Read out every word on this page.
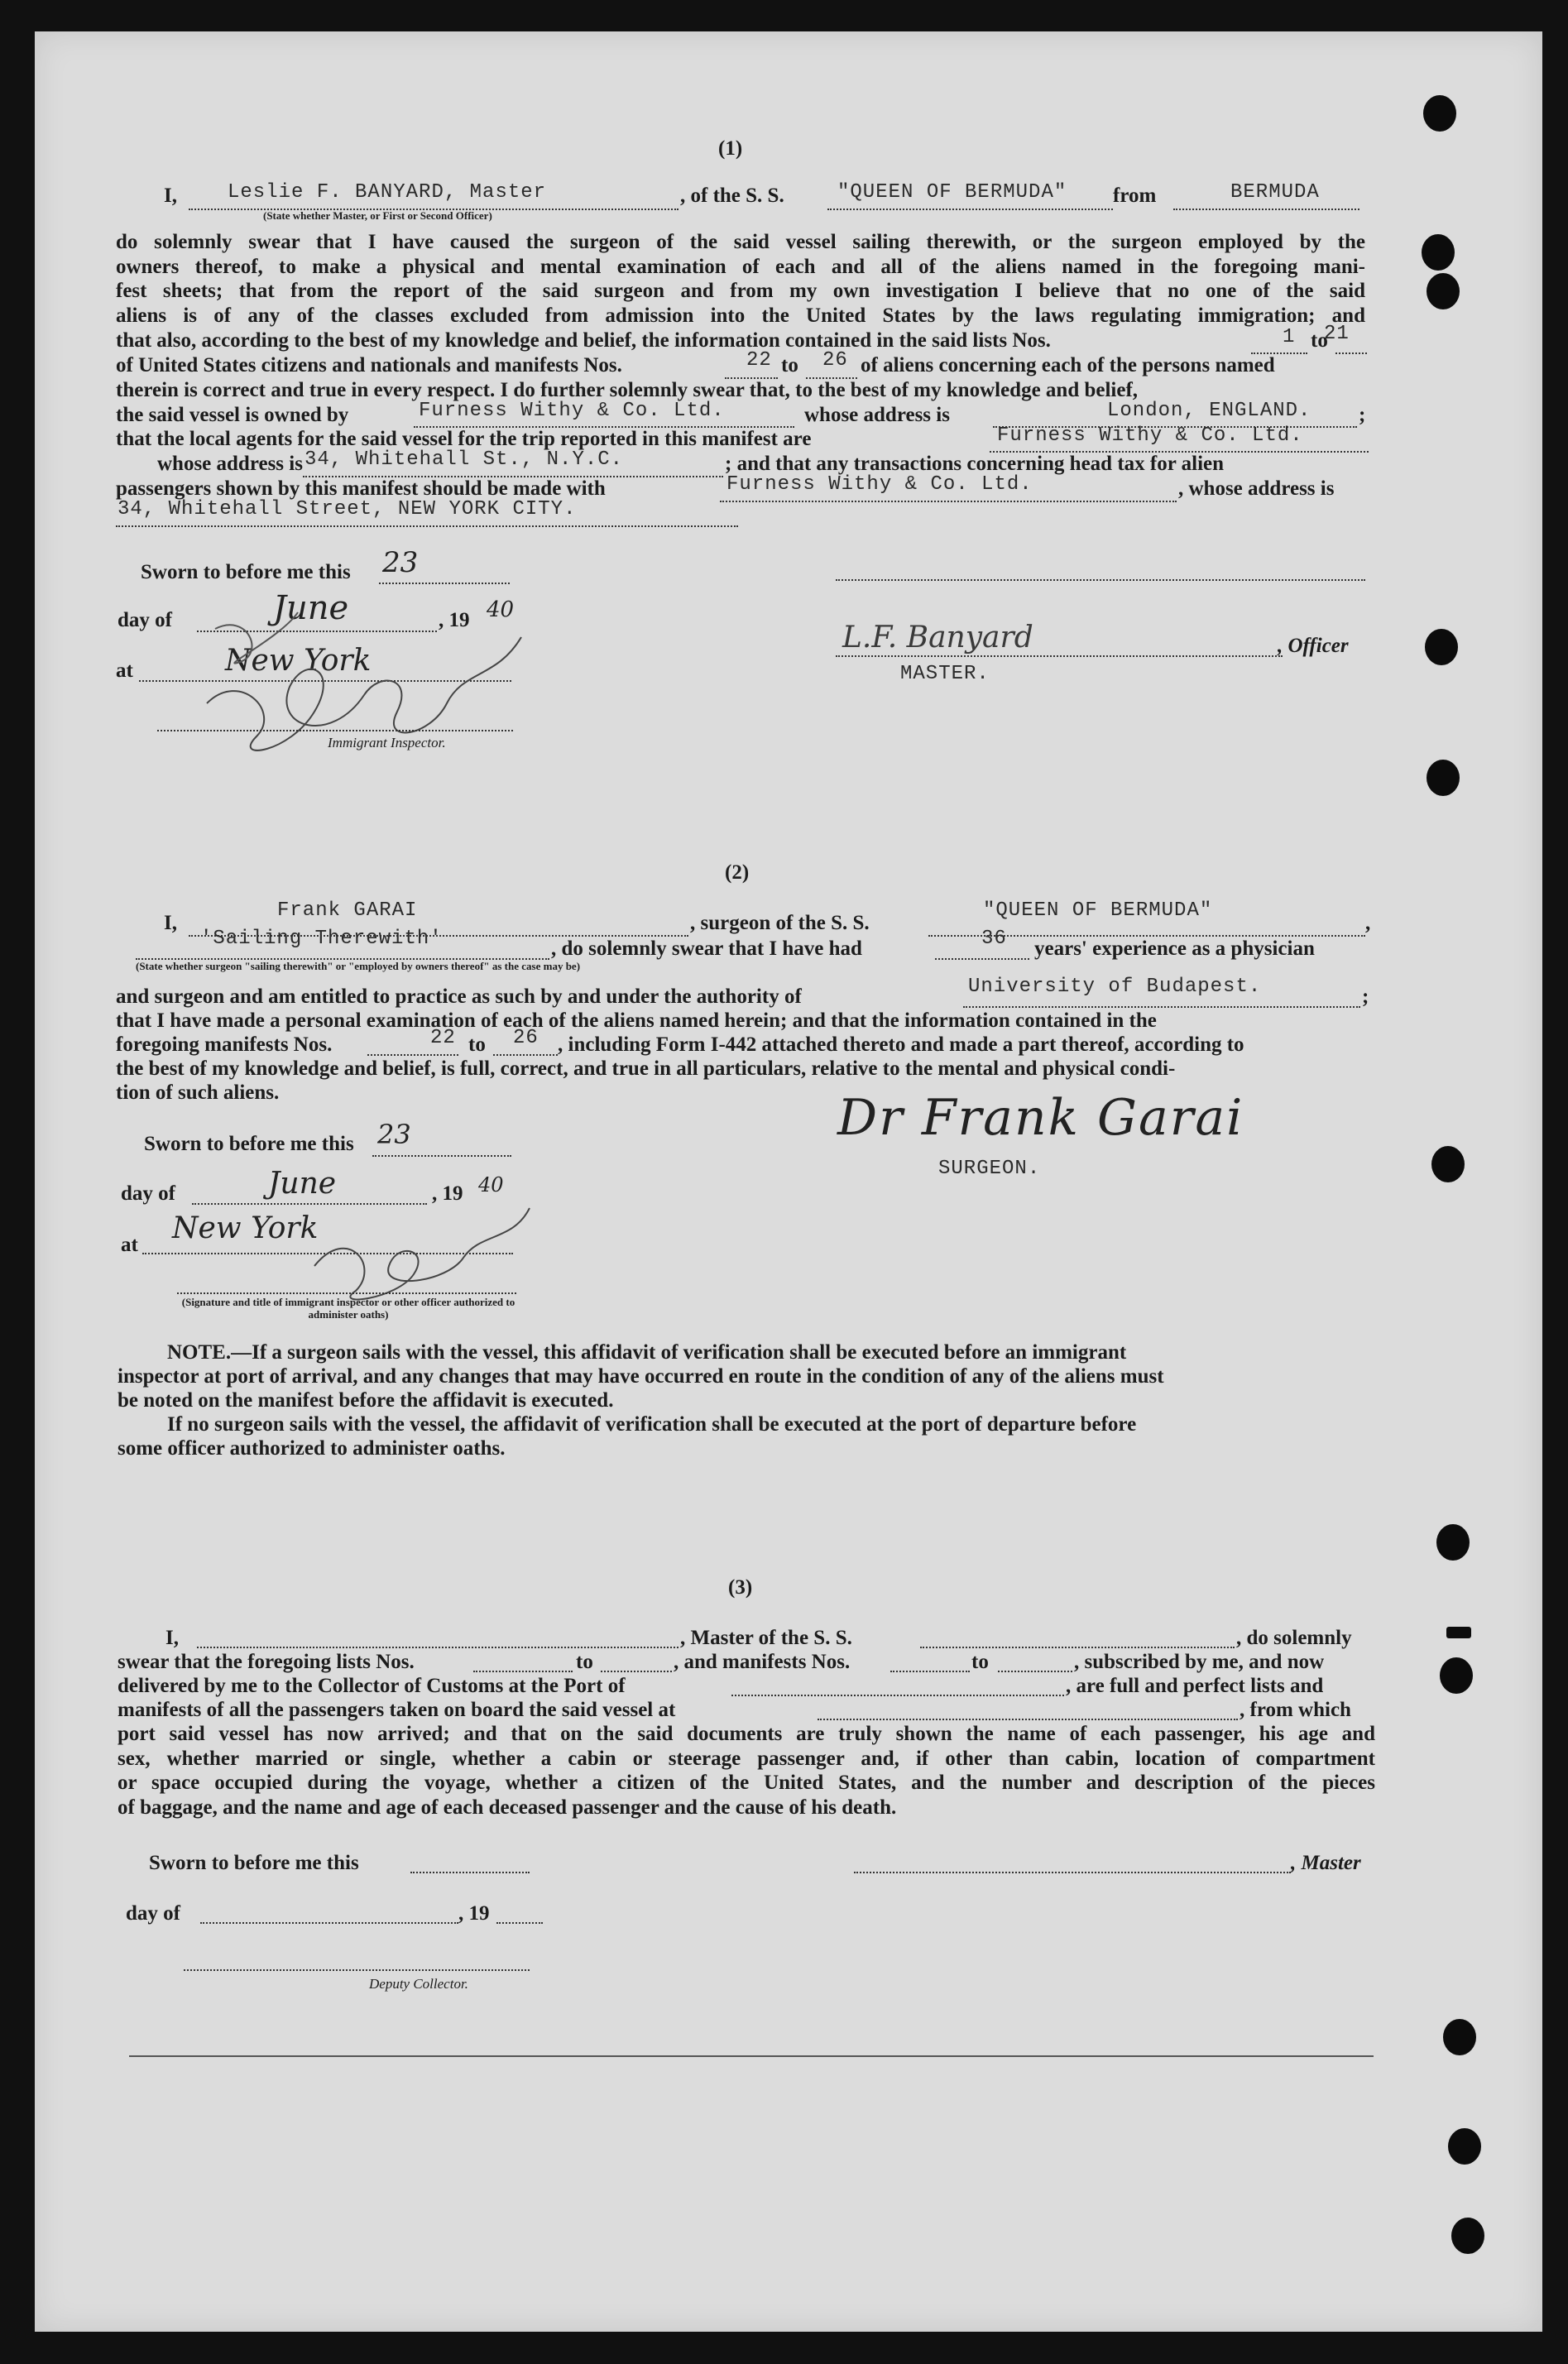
(1)
I,	Leslie F. BANYARD, Master	, of the S. S.	"QUEEN OF BERMUDA" from	BERMUDA
(State whether Master, or First or Second Officer)
do solemnly swear that I have caused the surgeon of the said vessel sailing therewith, or the surgeon employed by the
owners thereof, to make a physical and mental examination of each and all of the aliens named in the foregoing mani-
fest sheets; that from the report of the said surgeon and from my own investigation I believe that no one of the said
aliens is of any of the classes excluded from admission into the United States by the laws regulating immigration; and
that also, according to the best of my knowledge and belief, the information contained in the said lists Nos.	1 to
21
of United States citizens and nationals and manifests Nos.	22 to 26 of aliens concerning each of the persons named
therein is correct and true in every respect. I do further solemnly swear that, to the best of my knowledge and belief,
the said vessel is owned by	Furness Withy & Co. Ltd.	whose address is	London, ENGLAND. ;
that the local agents for the said vessel for the trip reported in this manifest are	Furness Withy & Co. Ltd.
whose address is 34, Whitehall St., N.Y.C.	; and that any transactions concerning head tax for alien
passengers shown by this manifest should be made with	Furness Withy & Co. Ltd.	, whose address is
34, Whitehall Street, NEW YORK CITY.
Sworn to before me this 23
day of	June	, 19 40
at	New York
Immigrant Inspector.
L.F. Banyard	, Officer
MASTER.
(2)
I,
Frank GARAI
, surgeon of the S. S.
"QUEEN OF BERMUDA"
,
'Sailing Therewith'	, do solemnly swear that I have had	36 years' experience as a physician
(State whether surgeon "sailing therewith" or "employed by owners thereof" as the case may be)
and surgeon and am entitled to practice as such by and under the authority of	University of Budapest.	;
that I have made a personal examination of each of the aliens named herein; and that the information contained in the
foregoing manifests Nos.	22 to 26 , including Form I-442 attached thereto and made a part thereof, according to
the best of my knowledge and belief, is full, correct, and true in all particulars, relative to the mental and physical condi-
tion of such aliens.
Sworn to before me this 23
day of	June	, 19 40
at New York
(Signature and title of immigrant inspector or other officer authorized to administer oaths)
Dr Frank Garai
SURGEON.
NOTE.—If a surgeon sails with the vessel, this affidavit of verification shall be executed before an immigrant
inspector at port of arrival, and any changes that may have occurred en route in the condition of any of the aliens must
be noted on the manifest before the affidavit is executed.
If no surgeon sails with the vessel, the affidavit of verification shall be executed at the port of departure before
some officer authorized to administer oaths.
(3)
I,	, Master of the S. S.	, do solemnly
swear that the foregoing lists Nos.	to	, and manifests Nos.	to	, subscribed by me, and now
delivered by me to the Collector of Customs at the Port of	, are full and perfect lists and
manifests of all the passengers taken on board the said vessel at	, from which
port said vessel has now arrived; and that on the said documents are truly shown the name of each passenger, his age and
sex, whether married or single, whether a cabin or steerage passenger and, if other than cabin, location of compartment
or space occupied during the voyage, whether a citizen of the United States, and the number and description of the pieces
of baggage, and the name and age of each deceased passenger and the cause of his death.
Sworn to before me this	, Master
day of	, 19
Deputy Collector.
